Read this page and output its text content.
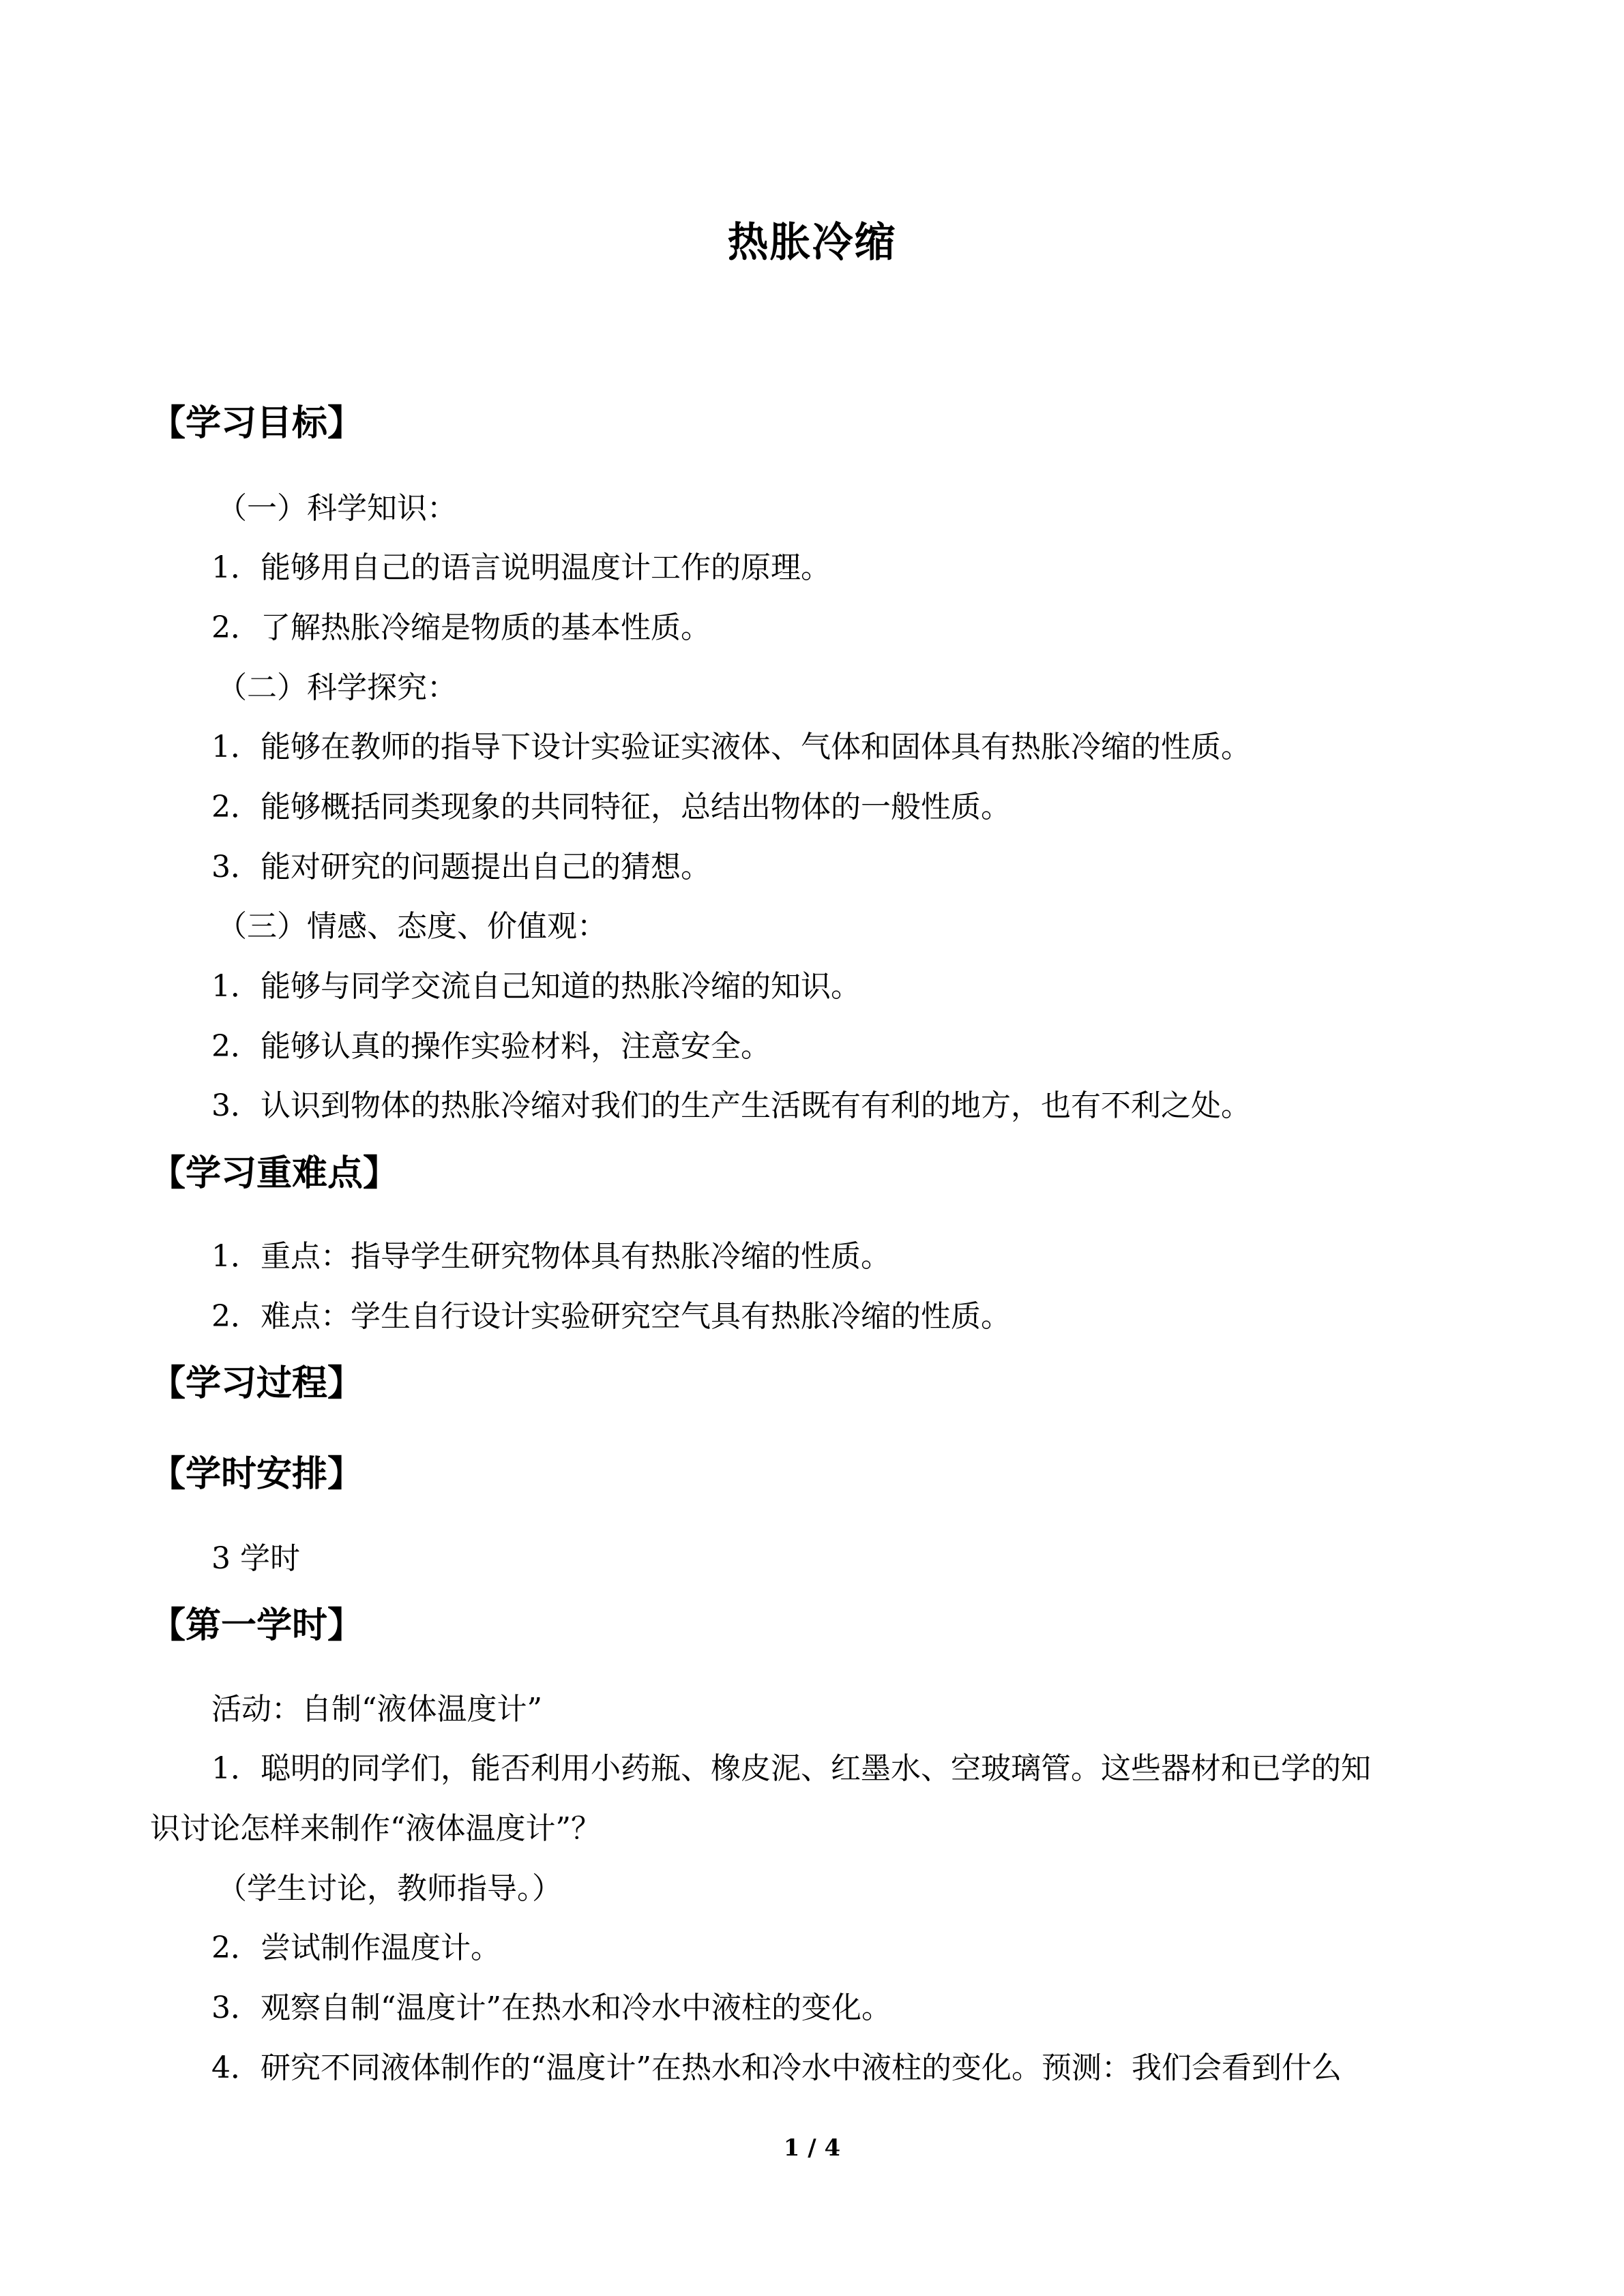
热胀冷缩
【学习目标】
（一）科学知识：
1．能够用自己的语言说明温度计工作的原理。
2．了解热胀冷缩是物质的基本性质。
（二）科学探究：
1．能够在教师的指导下设计实验证实液体、气体和固体具有热胀冷缩的性质。
2．能够概括同类现象的共同特征，总结出物体的一般性质。
3．能对研究的问题提出自己的猜想。
（三）情感、态度、价值观：
1．能够与同学交流自己知道的热胀冷缩的知识。
2．能够认真的操作实验材料，注意安全。
3．认识到物体的热胀冷缩对我们的生产生活既有有利的地方，也有不利之处。
【学习重难点】
1．重点：指导学生研究物体具有热胀冷缩的性质。
2．难点：学生自行设计实验研究空气具有热胀冷缩的性质。
【学习过程】
【学时安排】
3 学时
【第一学时】
活动：自制“液体温度计”
1．聪明的同学们，能否利用小药瓶、橡皮泥、红墨水、空玻璃管。这些器材和已学的知
识讨论怎样来制作“液体温度计”？
（学生讨论，教师指导。）
2．尝试制作温度计。
3．观察自制“温度计”在热水和冷水中液柱的变化。
4．研究不同液体制作的“温度计”在热水和冷水中液柱的变化。预测：我们会看到什么
1 / 4
